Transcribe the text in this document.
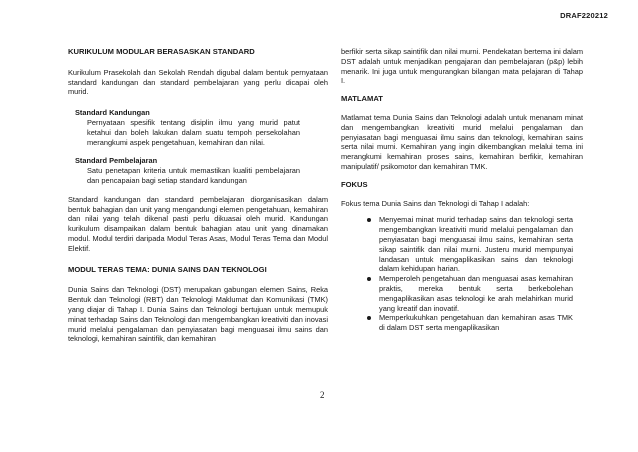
DRAF220212
KURIKULUM MODULAR BERASASKAN STANDARD
Kurikulum Prasekolah dan Sekolah Rendah digubal dalam bentuk pernyataan standard kandungan dan standard pembelajaran yang perlu dicapai oleh murid.
Standard Kandungan
Pernyataan spesifik tentang disiplin ilmu yang murid patut ketahui dan boleh lakukan dalam suatu tempoh persekolahan merangkumi aspek pengetahuan, kemahiran dan nilai.
Standard Pembelajaran
Satu penetapan kriteria untuk memastikan kualiti pembelajaran dan pencapaian bagi setiap standard kandungan
Standard kandungan dan standard pembelajaran diorganisasikan dalam bentuk bahagian dan unit yang mengandungi elemen pengetahuan, kemahiran dan nilai yang telah dikenal pasti perlu dikuasai oleh murid. Kandungan kurikulum disampaikan dalam bentuk bahagian atau unit yang dinamakan modul. Modul terdiri daripada Modul Teras Asas, Modul Teras Tema dan Modul Elektif.
MODUL TERAS TEMA: DUNIA SAINS DAN TEKNOLOGI
Dunia Sains dan Teknologi (DST) merupakan gabungan elemen Sains, Reka Bentuk dan Teknologi (RBT) dan Teknologi Maklumat dan Komunikasi (TMK) yang diajar di Tahap I. Dunia Sains dan Teknologi bertujuan untuk memupuk minat terhadap Sains dan Teknologi dan mengembangkan kreativiti dan inovasi murid melalui pengalaman dan penyiasatan bagi menguasai ilmu sains dan teknologi, kemahiran saintifik, dan kemahiran
berfikir serta sikap saintifik dan nilai murni. Pendekatan bertema ini dalam DST adalah untuk menjadikan pengajaran dan pembelajaran (p&p) lebih menarik. Ini juga untuk mengurangkan bilangan mata pelajaran di Tahap I.
MATLAMAT
Matlamat tema Dunia Sains dan Teknologi adalah untuk menanam minat dan mengembangkan kreativiti murid melalui pengalaman dan penyiasatan bagi menguasai ilmu sains dan teknologi, kemahiran sains serta nilai murni. Kemahiran yang ingin dikembangkan melalui tema ini merangkumi kemahiran proses sains, kemahiran berfikir, kemahiran manipulatif/ psikomotor dan kemahiran TMK.
FOKUS
Fokus tema Dunia Sains dan Teknologi di Tahap I adalah:
Menyemai minat murid terhadap sains dan teknologi serta mengembangkan kreativiti murid melalui pengalaman dan penyiasatan bagi menguasai ilmu sains, kemahiran serta sikap saintifik dan nilai murni. Justeru murid mempunyai landasan untuk mengaplikasikan sains dan teknologi dalam kehidupan harian.
Memperoleh pengetahuan dan menguasai asas kemahiran praktis, mereka bentuk serta berkebolehan mengaplikasikan asas teknologi ke arah melahirkan murid yang kreatif dan inovatif.
Memperkukuhkan pengetahuan dan kemahiran asas TMK di dalam DST serta mengaplikasikan
2
